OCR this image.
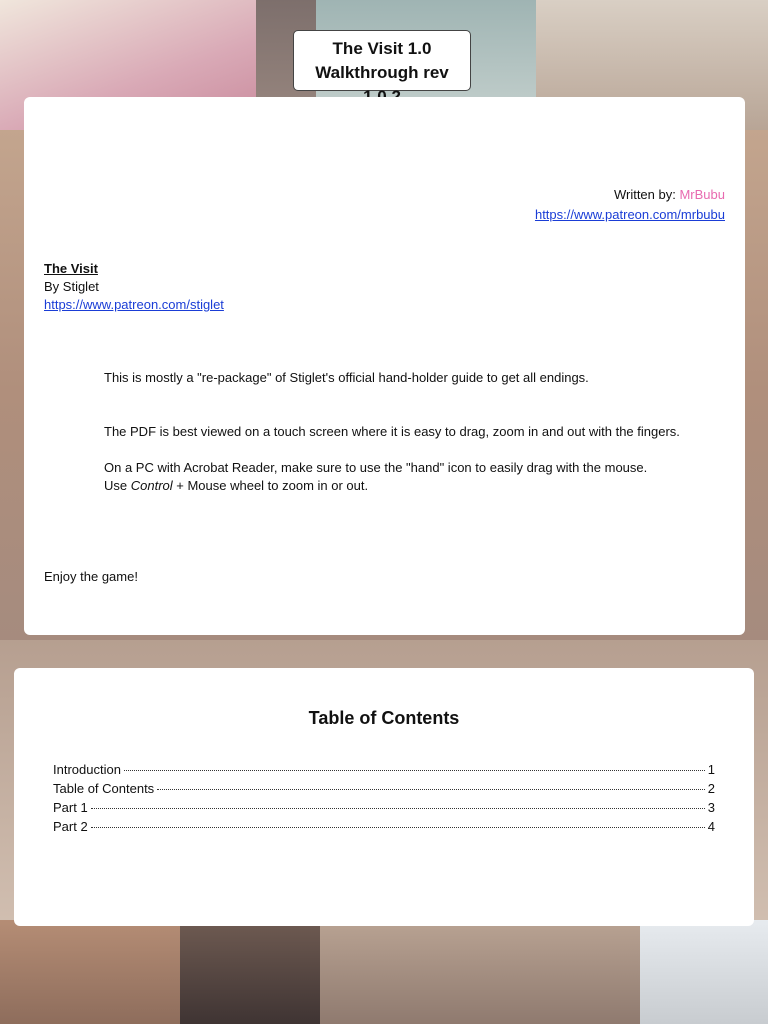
The Visit 1.0
Walkthrough rev
Written by: MrBubu
https://www.patreon.com/mrbubu
The Visit
By Stiglet
https://www.patreon.com/stiglet
This is mostly a "re-package" of Stiglet's official hand-holder guide to get all endings.
The PDF is best viewed on a touch screen where it is easy to drag, zoom in and out with the fingers.
On a PC with Acrobat Reader, make sure to use the "hand" icon to easily drag with the mouse.
Use Control + Mouse wheel to zoom in or out.
Enjoy the game!
Table of Contents
Introduction	1
Table of Contents	2
Part 1	3
Part 2	4
